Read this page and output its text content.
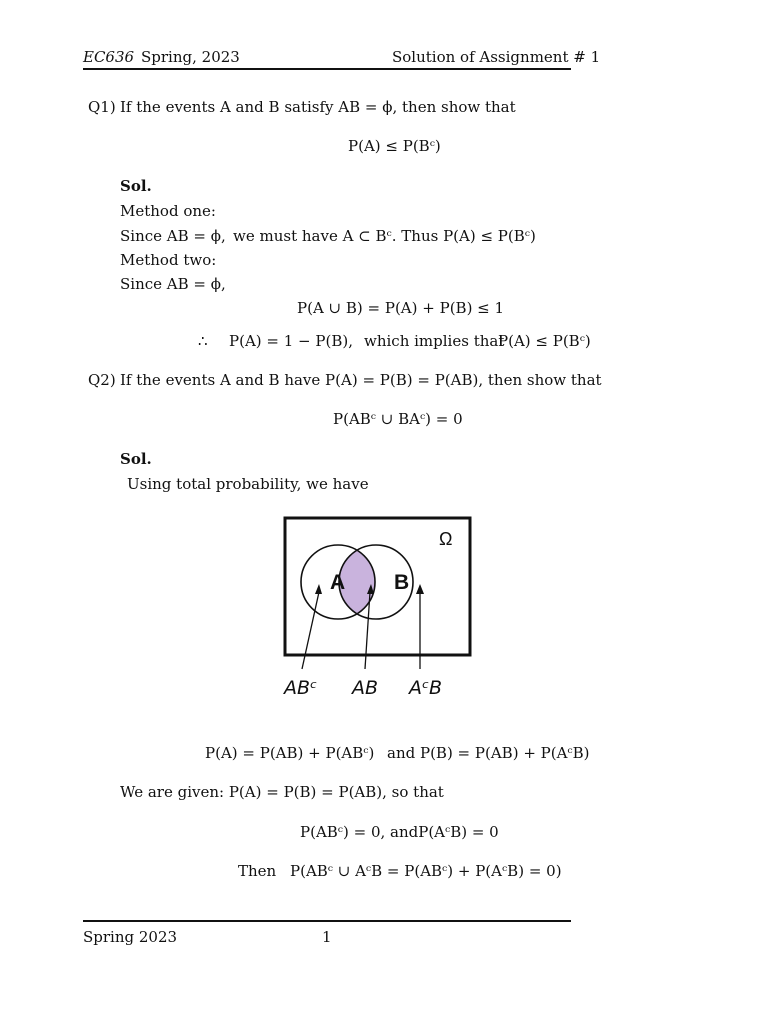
EC636 Spring, 2023	Solution of Assignment # 1
Q1) If the events A and B satisfy AB = ϕ, then show that
P(A) ≤ P(Bᶜ)
Sol.
Method one:
Since AB = ϕ, we must have A ⊂ Bᶜ. Thus P(A) ≤ P(Bᶜ)
Method two:
Since AB = ϕ,
P(A ∪ B) = P(A) + P(B) ≤ 1
∴ P(A) = 1 − P(B), which implies that
P(A) ≤ P(Bᶜ)
Q2) If the events A and B have P(A) = P(B) = P(AB), then show that
P(ABᶜ ∪ BAᶜ) = 0
Sol.
Using total probability, we have
Ω
A B
ABᶜ AB AᶜB
P(A) = P(AB) + P(ABᶜ) and P(B) = P(AB) + P(AᶜB)
We are given: P(A) = P(B) = P(AB), so that
P(ABᶜ) = 0, andP(AᶜB) = 0
Then P(ABᶜ ∪ AᶜB = P(ABᶜ) + P(AᶜB) = 0)
Spring 2023	1
